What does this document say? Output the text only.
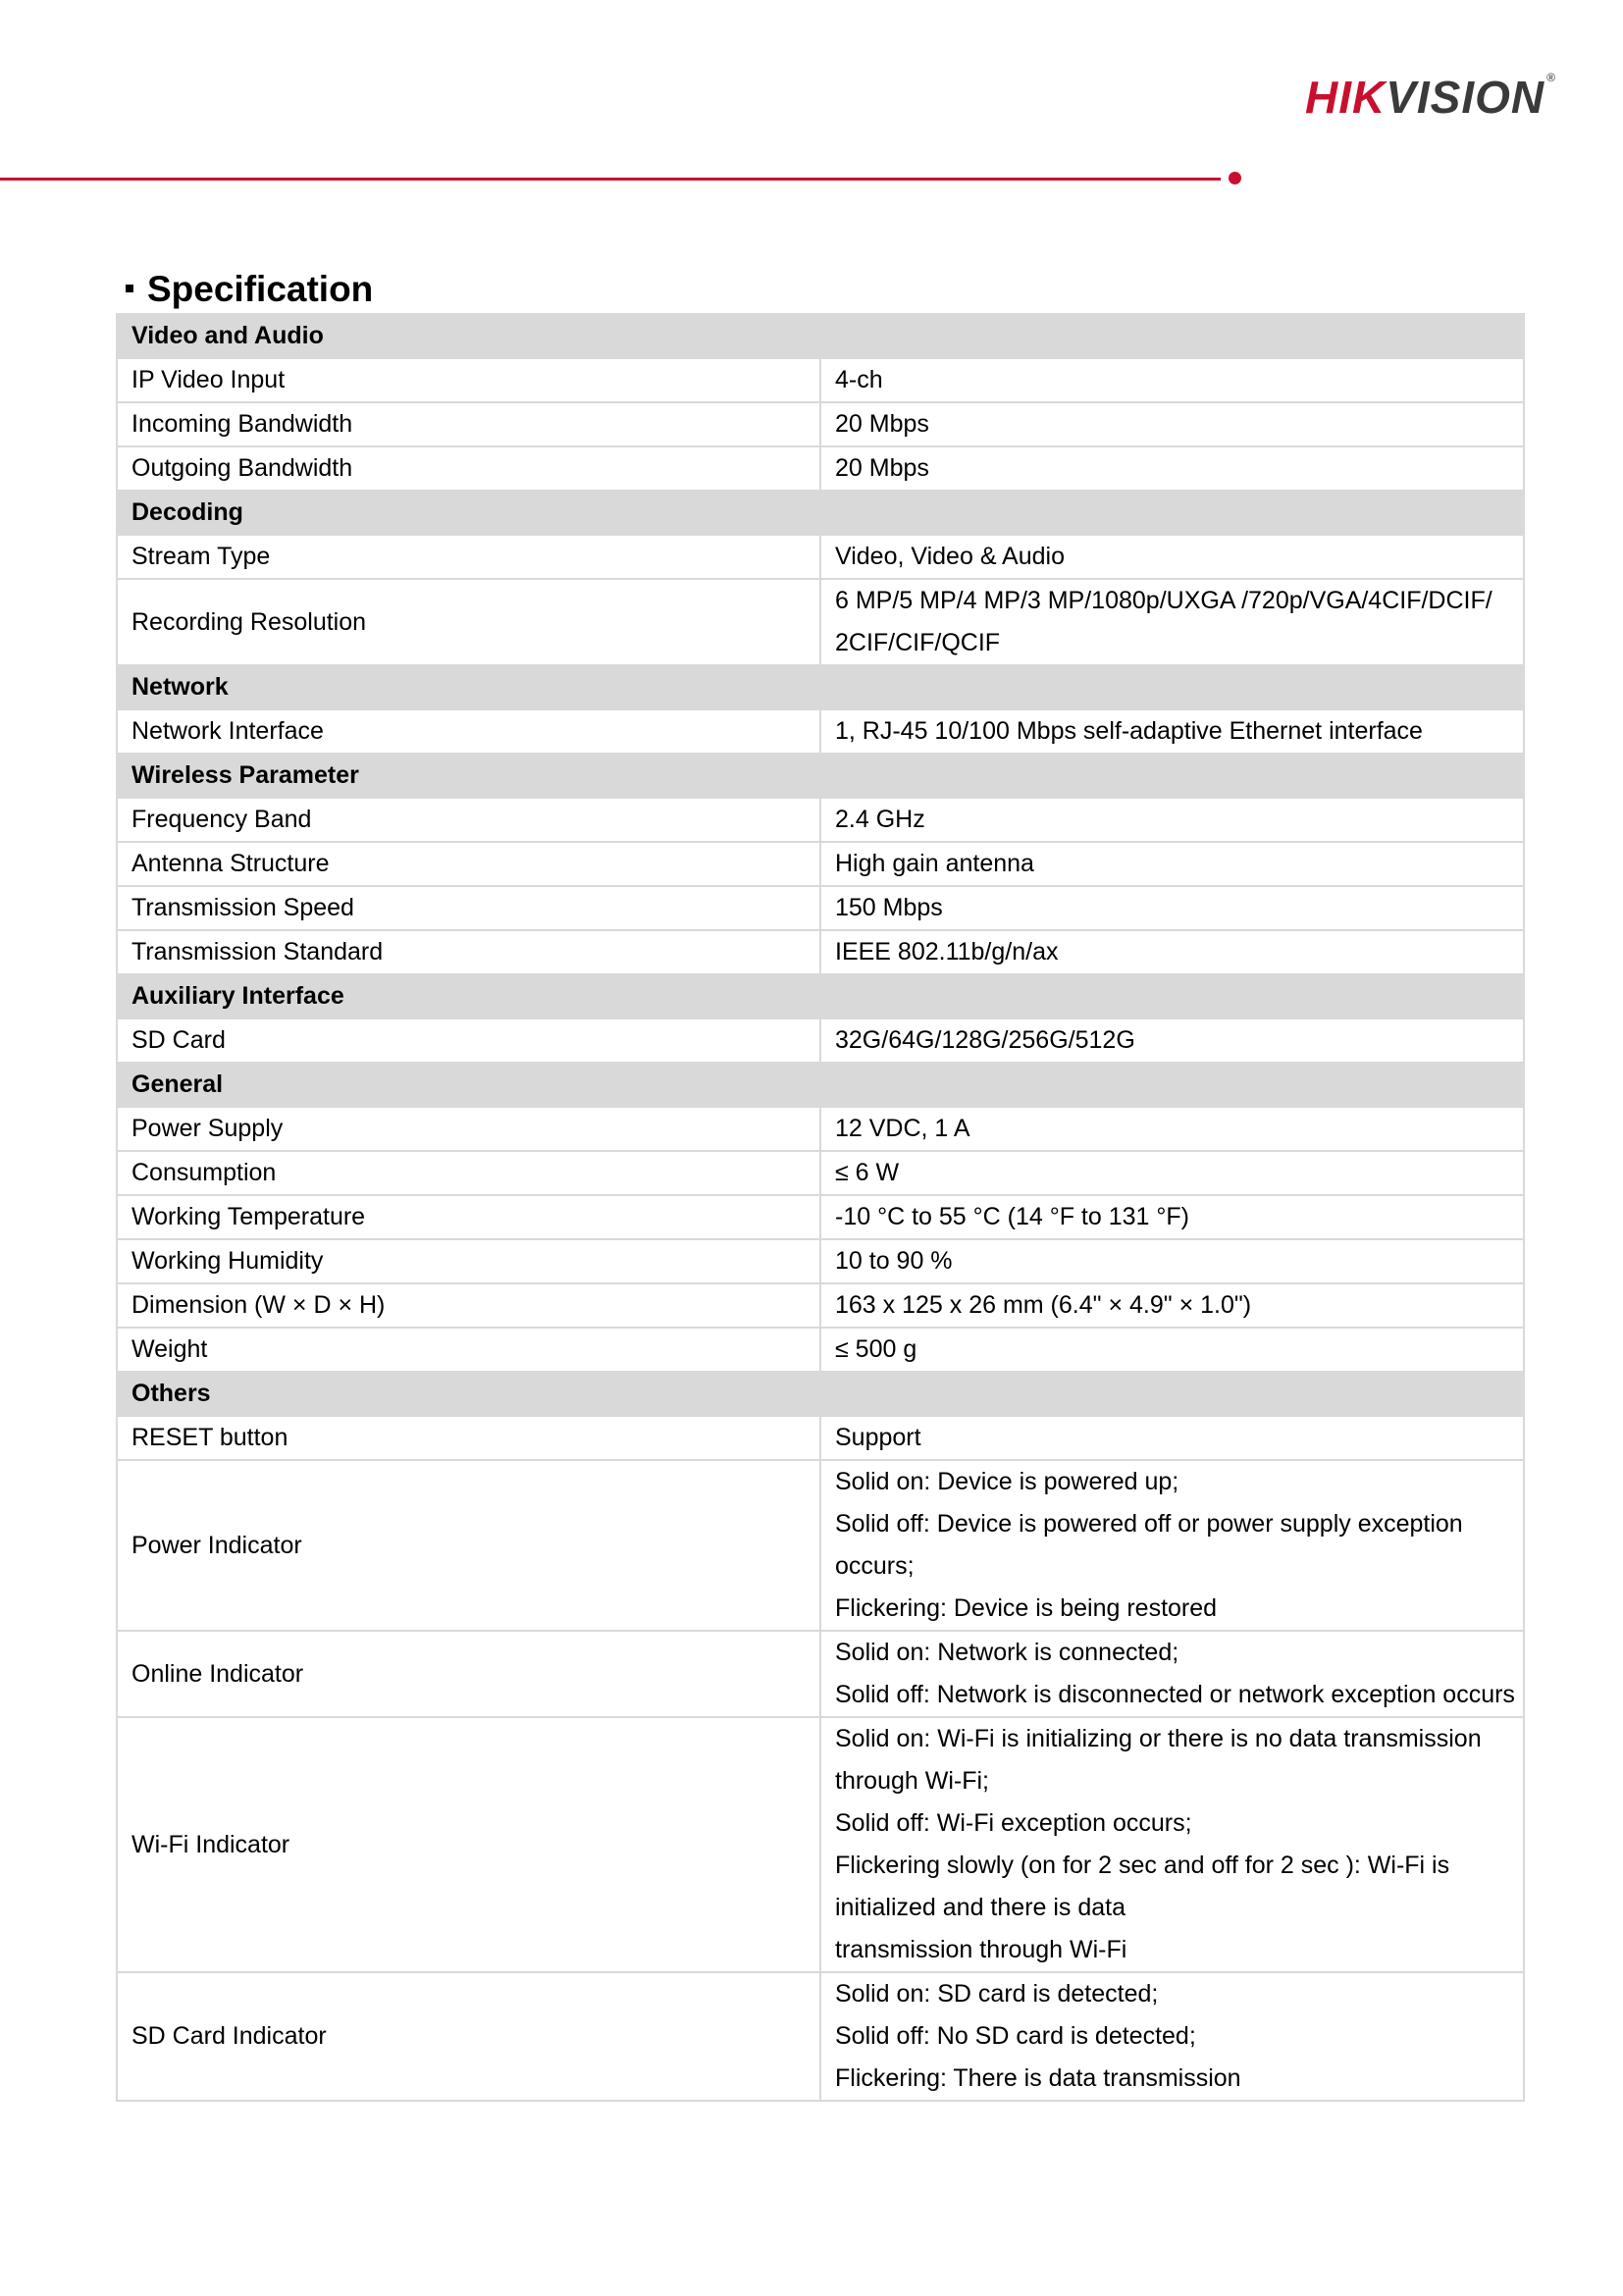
HIKVISION ®
Specification
Video and Audio	
IP Video Input	4-ch

Incoming Bandwidth	20 Mbps

Outgoing Bandwidth	20 Mbps

Decoding	
Stream Type	Video, Video & Audio

Recording Resolution	6 MP/5 MP/4 MP/3 MP/1080p/UXGA /720p/VGA/4CIF/DCIF/ 2CIF/CIF/QCIF

Network	
Network Interface	1, RJ-45 10/100 Mbps self-adaptive Ethernet interface

Wireless Parameter	
Frequency Band	2.4 GHz

Antenna Structure	High gain antenna

Transmission Speed	150 Mbps

Transmission Standard	IEEE 802.11b/g/n/ax

Auxiliary Interface	
SD Card	32G/64G/128G/256G/512G

General	
Power Supply	12 VDC, 1 A

Consumption	≤ 6 W

Working Temperature	-10 °C to 55 °C (14 °F to 131 °F)

Working Humidity	10 to 90 %

Dimension (W × D × H)	163 x 125 x 26 mm (6.4" × 4.9" × 1.0")

Weight	≤ 500 g

Others	
RESET button	Support

Power Indicator	Solid on: Device is powered up;
Solid off: Device is powered off or power supply exception occurs;
Flickering: Device is being restored

Online Indicator	Solid on: Network is connected;
Solid off: Network is disconnected or network exception occurs

Wi-Fi Indicator	Solid on: Wi-Fi is initializing or there is no data transmission through Wi-Fi;
Solid off: Wi-Fi exception occurs;
Flickering slowly (on for 2 sec and off for 2 sec ): Wi-Fi is initialized and there is data
transmission through Wi-Fi

SD Card Indicator	Solid on: SD card is detected;
Solid off: No SD card is detected;
Flickering: There is data transmission
